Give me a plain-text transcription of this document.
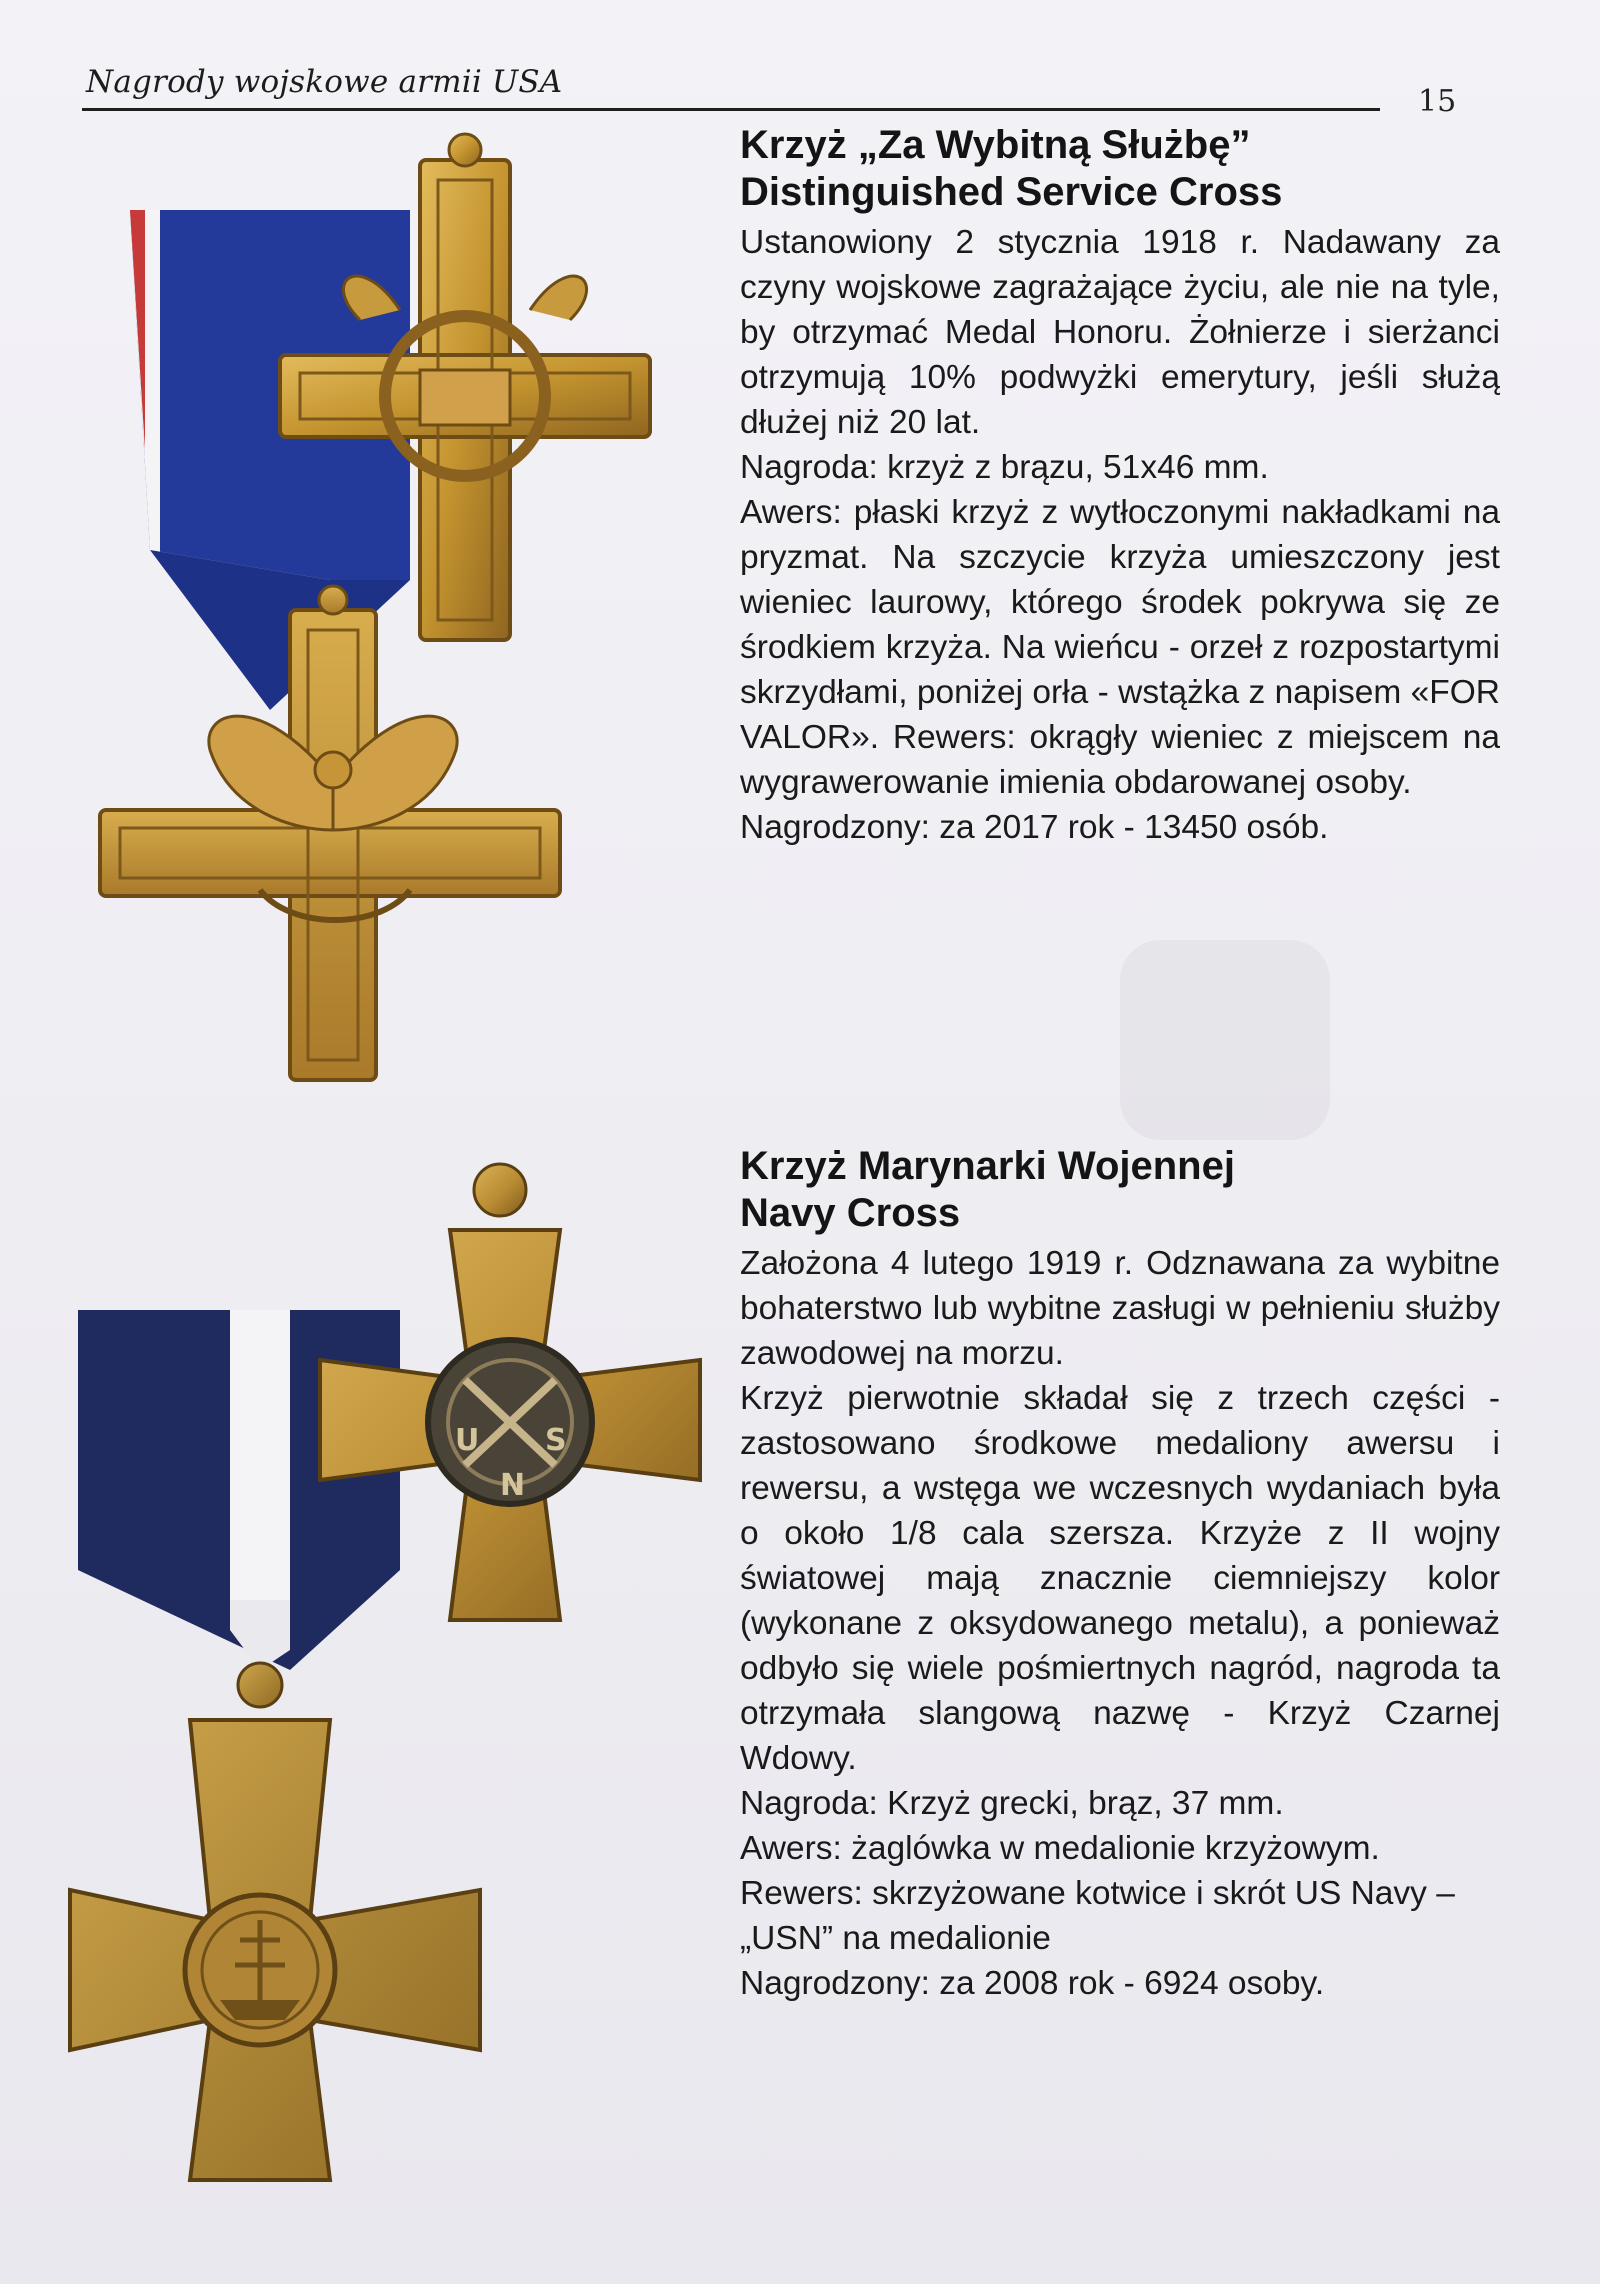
Nagrody wojskowe armii USA
15
Krzyż „Za Wybitną Służbę”
Distinguished Service Cross

Ustanowiony 2 stycznia 1918 r. Nadawany za czyny wojskowe zagrażające życiu, ale nie na tyle, by otrzymać Medal Honoru. Żołnierze i sierżanci otrzymują 10% podwyżki emerytury, jeśli służą dłużej niż 20 lat.

Nagroda: krzyż z brązu, 51x46 mm.

Awers: płaski krzyż z wytłoczonymi nakładkami na pryzmat. Na szczycie krzyża umieszczony jest wieniec laurowy, którego środek pokrywa się ze środkiem krzyża. Na wieńcu - orzeł z rozpostartymi skrzydłami, poniżej orła - wstążka z napisem «FOR VALOR». Rewers: okrągły wieniec z miejscem na wygrawerowanie imienia obdarowanej osoby.

Nagrodzony: za 2017 rok - 13450 osób.

U S
N
Krzyż Marynarki Wojennej
Navy Cross

Założona 4 lutego 1919 r. Odznawana za wybitne bohaterstwo lub wybitne zasługi w pełnieniu służby zawodowej na morzu.

Krzyż pierwotnie składał się z trzech części - zastosowano środkowe medaliony awersu i rewersu, a wstęga we wczesnych wydaniach była o około 1/8 cala szersza. Krzyże z II wojny światowej mają znacznie ciemniejszy kolor (wykonane z oksydowanego metalu), a ponieważ odbyło się wiele pośmiertnych nagród, nagroda ta otrzymała slangową nazwę - Krzyż Czarnej Wdowy.

Nagroda: Krzyż grecki, brąz, 37 mm.

Awers: żaglówka w medalionie krzyżowym.

Rewers: skrzyżowane kotwice i skrót US Navy – „USN” na medalionie

Nagrodzony: za 2008 rok - 6924 osoby.
